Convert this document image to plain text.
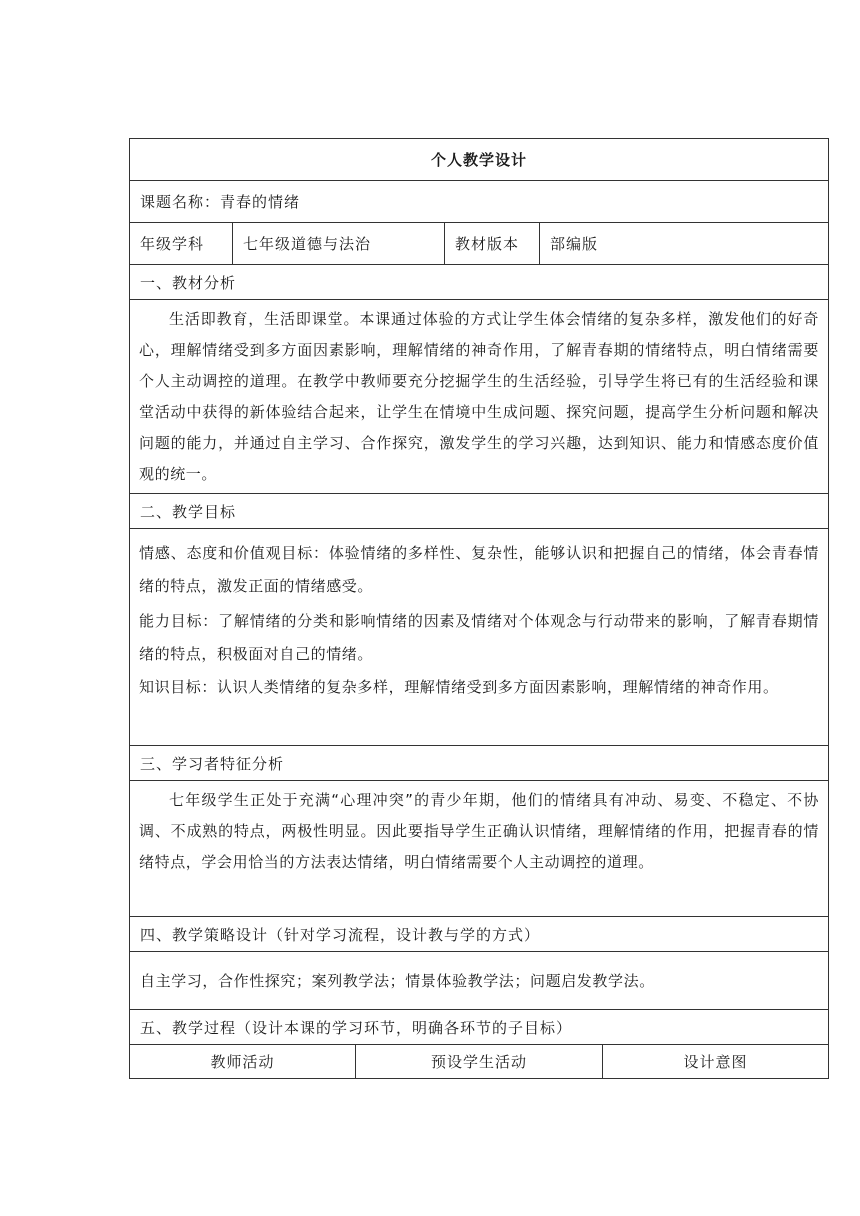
个人教学设计
课题名称：青春的情绪
年级学科	七年级道德与法治	教材版本	部编版
一、教材分析

生活即教育，生活即课堂。本课通过体验的方式让学生体会情绪的复杂多样，激发他们的好奇心，理解情绪受到多方面因素影响，理解情绪的神奇作用，了解青春期的情绪特点，明白情绪需要个人主动调控的道理。在教学中教师要充分挖掘学生的生活经验，引导学生将已有的生活经验和课堂活动中获得的新体验结合起来，让学生在情境中生成问题、探究问题，提高学生分析问题和解决问题的能力，并通过自主学习、合作探究，激发学生的学习兴趣，达到知识、能力和情感态度价值观的统一。

二、教学目标

情感、态度和价值观目标：体验情绪的多样性、复杂性，能够认识和把握自己的情绪，体会青春情绪的特点，激发正面的情绪感受。

能力目标：了解情绪的分类和影响情绪的因素及情绪对个体观念与行动带来的影响，了解青春期情绪的特点，积极面对自己的情绪。

知识目标：认识人类情绪的复杂多样，理解情绪受到多方面因素影响，理解情绪的神奇作用。

三、学习者特征分析

七年级学生正处于充满“心理冲突”的青少年期，他们的情绪具有冲动、易变、不稳定、不协调、不成熟的特点，两极性明显。因此要指导学生正确认识情绪，理解情绪的作用，把握青春的情绪特点，学会用恰当的方法表达情绪，明白情绪需要个人主动调控的道理。

四、教学策略设计（针对学习流程，设计教与学的方式）
自主学习，合作性探究；案列教学法；情景体验教学法；问题启发教学法。
五、教学过程（设计本课的学习环节，明确各环节的子目标）
教师活动	预设学生活动	设计意图
